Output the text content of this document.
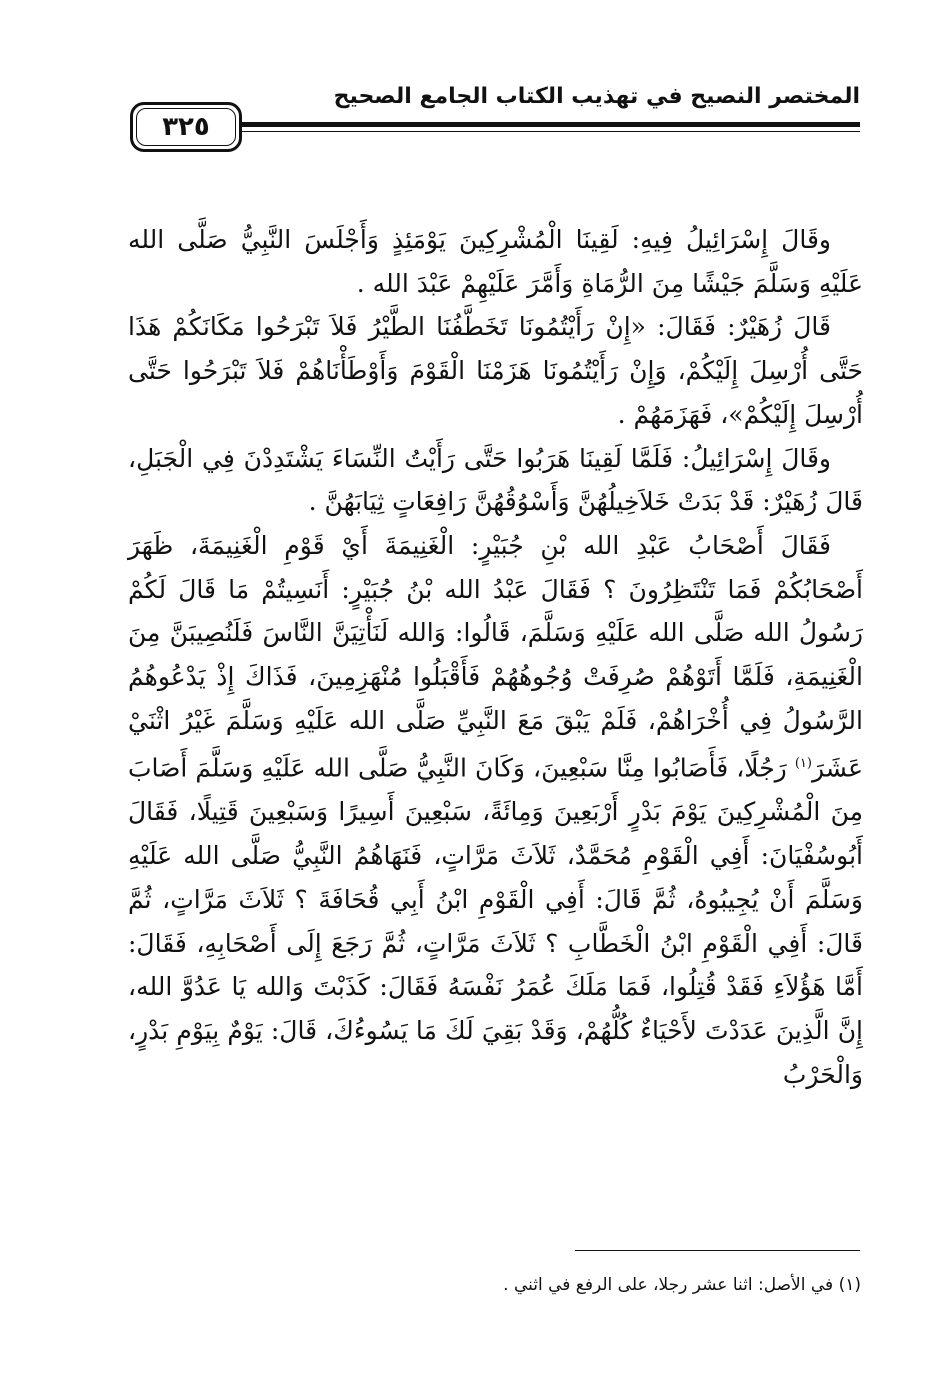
المختصر النصيح في تهذيب الكتاب الجامع الصحيح
٣٢٥

وقَالَ إِسْرَائِيلُ فِيهِ: لَقِينَا الْمُشْرِكِينَ يَوْمَئِذٍ وَأَجْلَسَ النَّبِيُّ صَلَّى الله عَلَيْهِ وَسَلَّمَ جَيْشًا مِنَ الرُّمَاةِ وَأَمَّرَ عَلَيْهِمْ عَبْدَ الله .

قَالَ زُهَيْرٌ: فَقَالَ: «إِنْ رَأَيْتُمُونَا تَخَطَّفُنَا الطَّيْرُ فَلاَ تَبْرَحُوا مَكَانَكُمْ هَذَا حَتَّى أُرْسِلَ إِلَيْكُمْ، وَإِنْ رَأَيْتُمُونَا هَزَمْنَا الْقَوْمَ وَأَوْطَأْنَاهُمْ فَلاَ تَبْرَحُوا حَتَّى أُرْسِلَ إِلَيْكُمْ»، فَهَزَمَهُمْ .

وقَالَ إِسْرَائِيلُ: فَلَمَّا لَقِينَا هَرَبُوا حَتَّى رَأَيْتُ النِّسَاءَ يَشْتَدِدْنَ فِي الْجَبَلِ، قَالَ زُهَيْرٌ: قَدْ بَدَتْ خَلاَخِيلُهُنَّ وَأَسْوُقُهُنَّ رَافِعَاتٍ ثِيَابَهُنَّ .

فَقَالَ أَصْحَابُ عَبْدِ الله بْنِ جُبَيْرٍ: الْغَنِيمَةَ أَيْ قَوْمِ الْغَنِيمَةَ، ظَهَرَ أَصْحَابُكُمْ فَمَا تَنْتَظِرُونَ ؟ فَقَالَ عَبْدُ الله بْنُ جُبَيْرٍ: أَنَسِيتُمْ مَا قَالَ لَكُمْ رَسُولُ الله صَلَّى الله عَلَيْهِ وَسَلَّمَ، قَالُوا: وَالله لَنَأْتِيَنَّ النَّاسَ فَلَنُصِيبَنَّ مِنَ الْغَنِيمَةِ، فَلَمَّا أَتَوْهُمْ صُرِفَتْ وُجُوهُهُمْ فَأَقْبَلُوا مُنْهَزِمِينَ، فَذَاكَ إِذْ يَدْعُوهُمُ الرَّسُولُ فِي أُخْرَاهُمْ، فَلَمْ يَبْقَ مَعَ النَّبِيِّ صَلَّى الله عَلَيْهِ وَسَلَّمَ غَيْرُ اثْنَيْ عَشَرَ$^{(١)}$ رَجُلًا، فَأَصَابُوا مِنَّا سَبْعِينَ، وَكَانَ النَّبِيُّ صَلَّى الله عَلَيْهِ وَسَلَّمَ أَصَابَ مِنَ الْمُشْرِكِينَ يَوْمَ بَدْرٍ أَرْبَعِينَ وَمِائَةً، سَبْعِينَ أَسِيرًا وَسَبْعِينَ قَتِيلًا، فَقَالَ أَبُوسُفْيَانَ: أَفِي الْقَوْمِ مُحَمَّدٌ، ثَلاَثَ مَرَّاتٍ، فَنَهَاهُمُ النَّبِيُّ صَلَّى الله عَلَيْهِ وَسَلَّمَ أَنْ يُجِيبُوهُ، ثُمَّ قَالَ: أَفِي الْقَوْمِ ابْنُ أَبِي قُحَافَةَ ؟ ثَلاَثَ مَرَّاتٍ، ثُمَّ قَالَ: أَفِي الْقَوْمِ ابْنُ الْخَطَّابِ ؟ ثَلاَثَ مَرَّاتٍ، ثُمَّ رَجَعَ إِلَى أَصْحَابِهِ، فَقَالَ: أَمَّا هَؤُلاَءِ فَقَدْ قُتِلُوا، فَمَا مَلَكَ عُمَرُ نَفْسَهُ فَقَالَ: كَذَبْتَ وَالله يَا عَدُوَّ الله، إِنَّ الَّذِينَ عَدَدْتَ لأَحْيَاءٌ كُلُّهُمْ، وَقَدْ بَقِيَ لَكَ مَا يَسُوءُكَ، قَالَ: يَوْمٌ بِيَوْمِ بَدْرٍ، وَالْحَرْبُ

(١) في الأصل: اثنا عشر رجلا، على الرفع في اثني .
